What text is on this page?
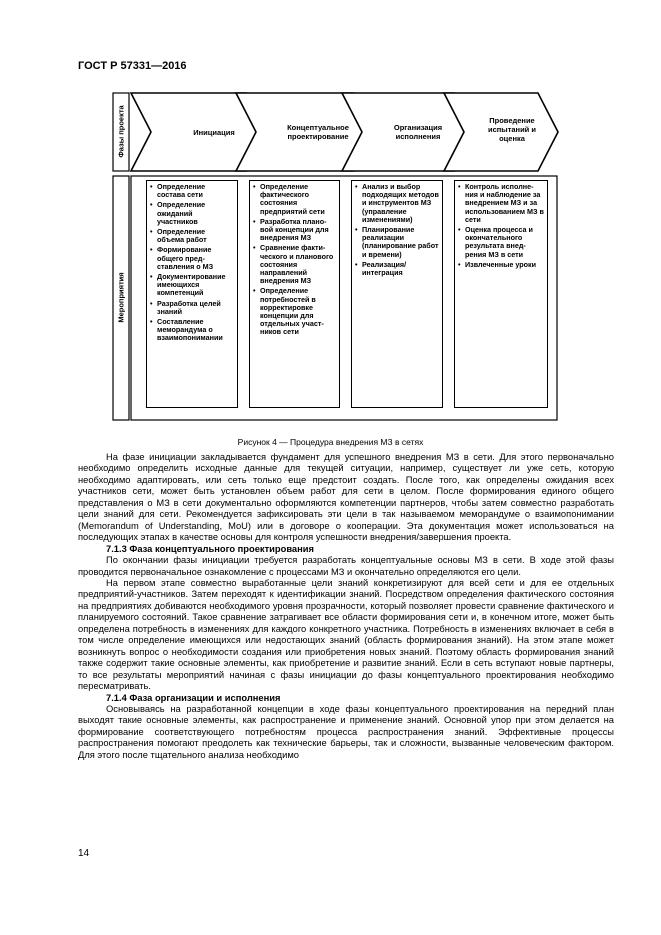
ГОСТ Р 57331—2016
Фазы проекта
Мероприятия
Инициация
Концептуальное проектирование
Организация исполнения
Проведение испытаний и оценка
• Определение состава сети
• Определение ожиданий участников
• Определение объема работ
• Формирование общего представления о МЗ
• Документирование имеющихся компетенций
• Разработка целей знаний
• Составление меморандума о взаимопонимании
• Определение фактического состояния предприятий сети
• Разработка плановой концепции для внедрения МЗ
• Сравнение фактического и планового состояния направлений внедрения МЗ
• Определение потребностей в корректировке концепции для отдельных участников сети
• Анализ и выбор подходящих методов и инструментов МЗ (управление изменениями)
• Планирование реализации (планирование работ и времени)
• Реализация/ интеграция
• Контроль исполнения и наблюдение за внедрением МЗ и за использованием МЗ в сети
• Оценка процесса и окончательного результата внедрения МЗ в сети
• Извлеченные уроки
Рисунок 4 — Процедура внедрения МЗ в сетях

На фазе инициации закладывается фундамент для успешного внедрения МЗ в сети. Для этого первоначально необходимо определить исходные данные для текущей ситуации, например, существует ли уже сеть, которую необходимо адаптировать, или сеть только еще предстоит создать. После того, как определены ожидания всех участников сети, может быть установлен объем работ для сети в целом. После формирования единого общего представления о МЗ в сети документально оформляются компетенции партнеров, чтобы затем совместно разработать цели знаний для сети. Рекомендуется зафиксировать эти цели в так называемом меморандуме о взаимопонимании (Memorandum of Understanding, MoU) или в договоре о кооперации. Эта документация может использоваться на последующих этапах в качестве основы для контроля успешности внедрения/завершения проекта.

7.1.3 Фаза концептуального проектирования

По окончании фазы инициации требуется разработать концептуальные основы МЗ в сети. В ходе этой фазы проводится первоначальное ознакомление с процессами МЗ и окончательно определяются его цели.

На первом этапе совместно выработанные цели знаний конкретизируют для всей сети и для ее отдельных предприятий-участников. Затем переходят к идентификации знаний. Посредством определения фактического состояния на предприятиях добиваются необходимого уровня прозрачности, который позволяет провести сравнение фактического и планируемого состояний. Такое сравнение затрагивает все области формирования сети и, в конечном итоге, может быть определена потребность в изменениях для каждого конкретного участника. Потребность в изменениях включает в себя в том числе определение имеющихся или недостающих знаний (область формирования знаний). На этом этапе может возникнуть вопрос о необходимости создания или приобретения новых знаний. Поэтому область формирования знаний также содержит такие основные элементы, как приобретение и развитие знаний. Если в сеть вступают новые партнеры, то все результаты мероприятий начиная с фазы инициации до фазы концептуального проектирования необходимо пересматривать.

7.1.4 Фаза организации и исполнения

Основываясь на разработанной концепции в ходе фазы концептуального проектирования на передний план выходят такие основные элементы, как распространение и применение знаний. Основной упор при этом делается на формирование соответствующего потребностям процесса распространения знаний. Эффективные процессы распространения помогают преодолеть как технические барьеры, так и сложности, вызванные человеческим фактором. Для этого после тщательного анализа необходимо

14
